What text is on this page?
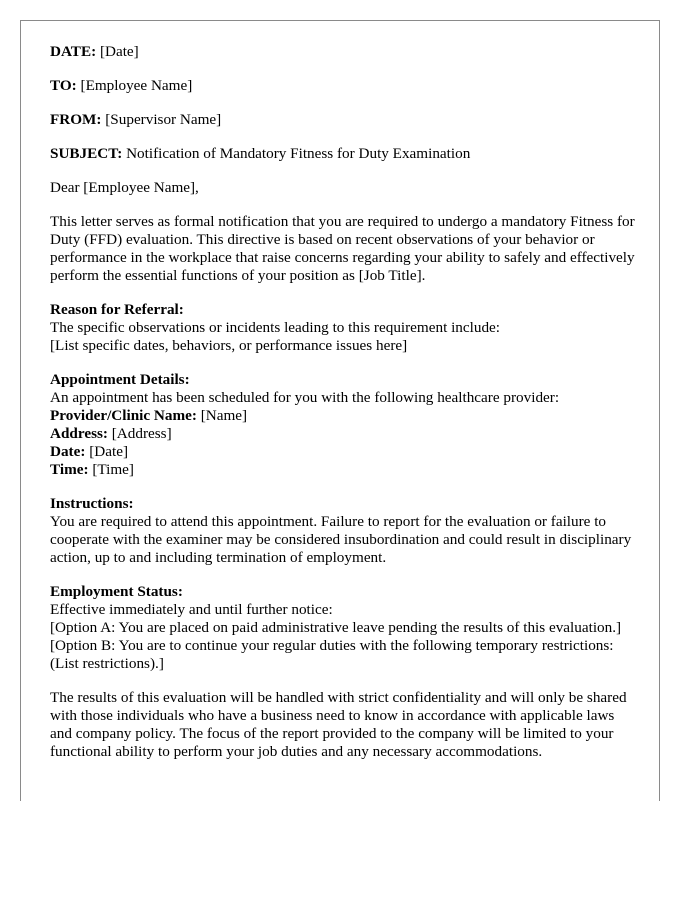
DATE: [Date]
TO: [Employee Name]
FROM: [Supervisor Name]
SUBJECT: Notification of Mandatory Fitness for Duty Examination

Dear [Employee Name],

This letter serves as formal notification that you are required to undergo a mandatory Fitness for Duty (FFD) evaluation. This directive is based on recent observations of your behavior or performance in the workplace that raise concerns regarding your ability to safely and effectively perform the essential functions of your position as [Job Title].

Reason for Referral:
The specific observations or incidents leading to this requirement include:
[List specific dates, behaviors, or performance issues here]
Appointment Details:
An appointment has been scheduled for you with the following healthcare provider:
Provider/Clinic Name: [Name]
Address: [Address]
Date: [Date]
Time: [Time]
Instructions:
You are required to attend this appointment. Failure to report for the evaluation or failure to cooperate with the examiner may be considered insubordination and could result in disciplinary action, up to and including termination of employment.
Employment Status:
Effective immediately and until further notice:
[Option A: You are placed on paid administrative leave pending the results of this evaluation.]
[Option B: You are to continue your regular duties with the following temporary restrictions: (List restrictions).]

The results of this evaluation will be handled with strict confidentiality and will only be shared with those individuals who have a business need to know in accordance with applicable laws and company policy. The focus of the report provided to the company will be limited to your functional ability to perform your job duties and any necessary accommodations.
